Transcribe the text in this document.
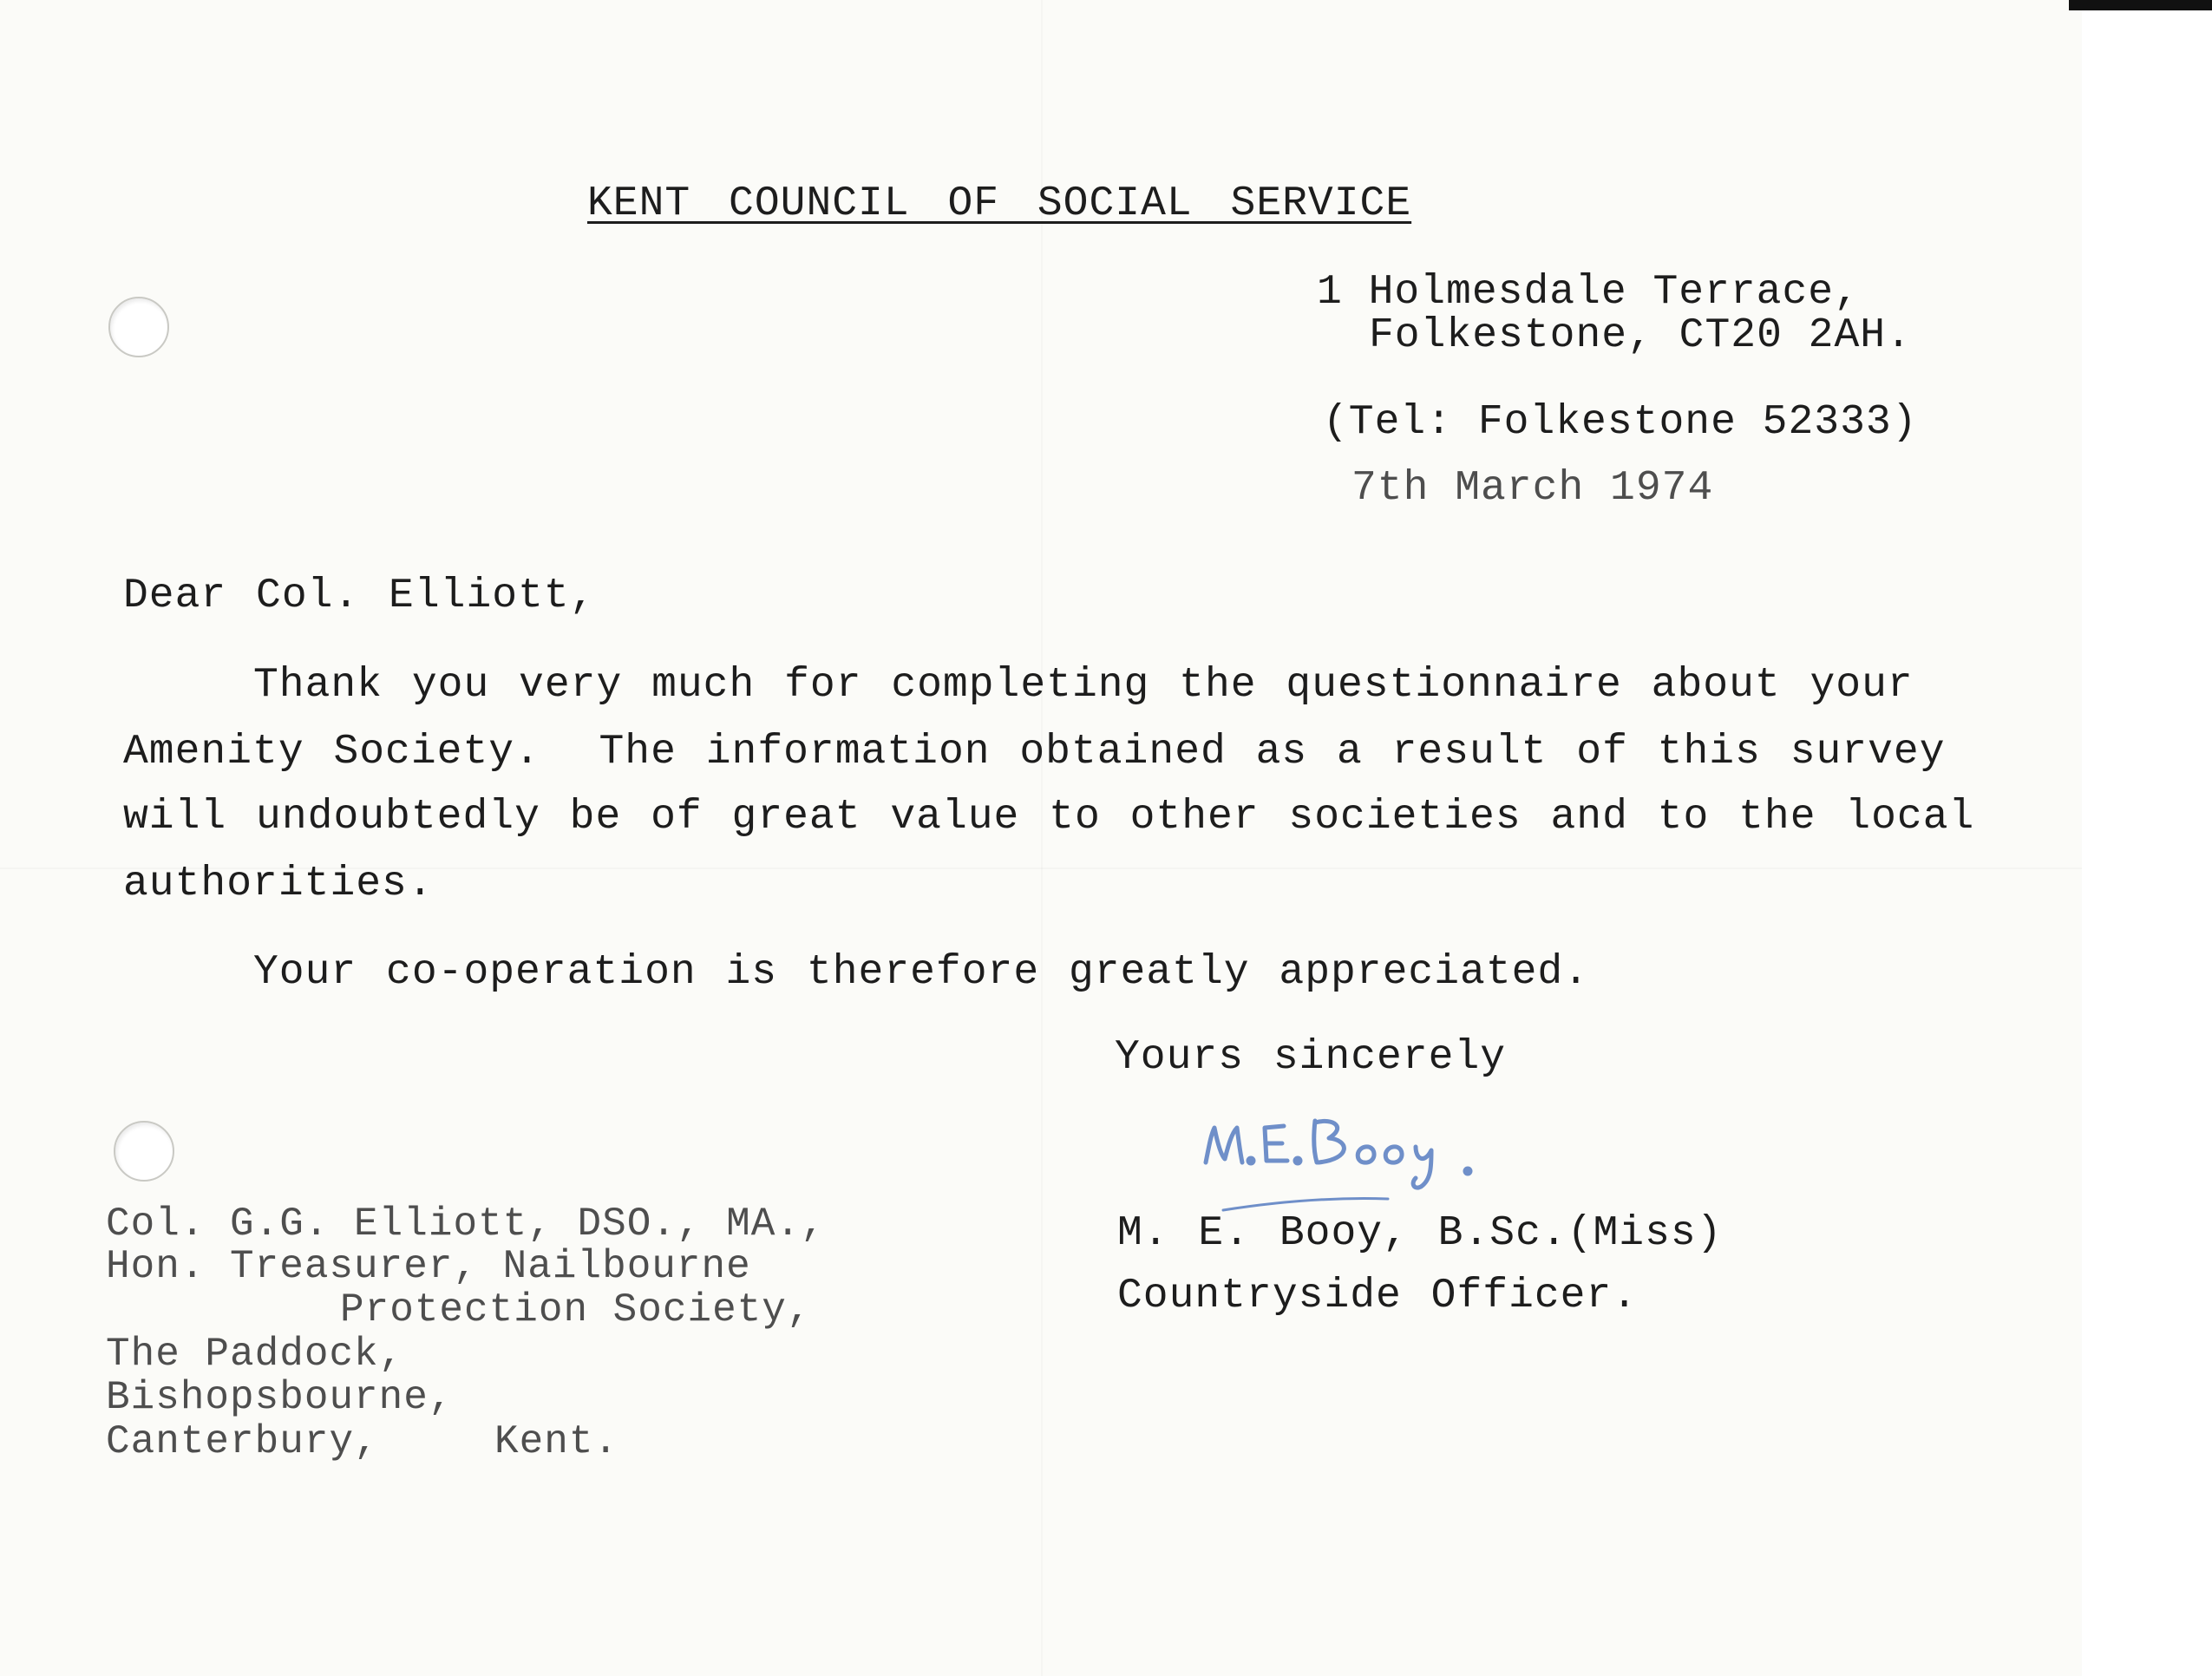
KENT COUNCIL OF SOCIAL SERVICE
1 Holmesdale Terrace,
Folkestone, CT20 2AH.
(Tel: Folkestone 52333)
7th March 1974
Dear Col. Elliott,
Thank you very much for completing the questionnaire about your
Amenity Society.  The information obtained as a result of this survey
will undoubtedly be of great value to other societies and to the local
authorities.
Your co-operation is therefore greatly appreciated.
Yours sincerely
M. E. Booy, B.Sc.(Miss)
Countryside Officer.
Col. G.G. Elliott, DSO., MA.,
Hon. Treasurer, Nailbourne
Protection Society,
The Paddock,
Bishopsbourne,
Canterbury,	Kent.
